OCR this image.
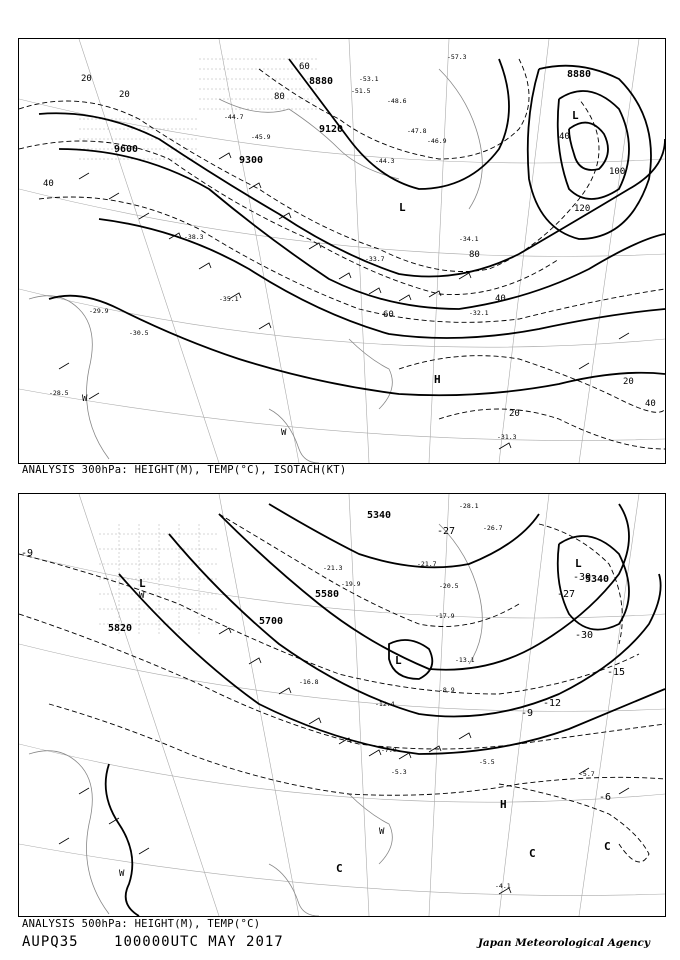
9600
9300
9120
8880
8880
20
20
40
40
60
80
100
120
80
40
60
20
40
20
L
L
H
W
W
-44.7
-45.9
-47.8
-46.9
-44.3
-34.1
-33.7
-32.1
-31.3
-30.5
-29.9
-28.5
-35.1
-38.3
-51.5
-57.3
-53.1
-48.6
ANALYSIS 300hPa: HEIGHT(M), TEMP(°C), ISOTACH(KT)
5340
5340
5580
5700
5820
-27
-30
-30
-15
-12
-9
-6
-9
-27
L
L
L
H
C
C
C
W
W
W
-28.1
-26.7
-21.7
-20.5
-17.9
-13.1
-8.9
-5.5
-5.7
-4.1
-7.9
-5.3
-12.4
-16.8
-19.9
-21.3
ANALYSIS 500hPa: HEIGHT(M), TEMP(°C)
AUPQ35	100000UTC MAY 2017	Japan Meteorological Agency
